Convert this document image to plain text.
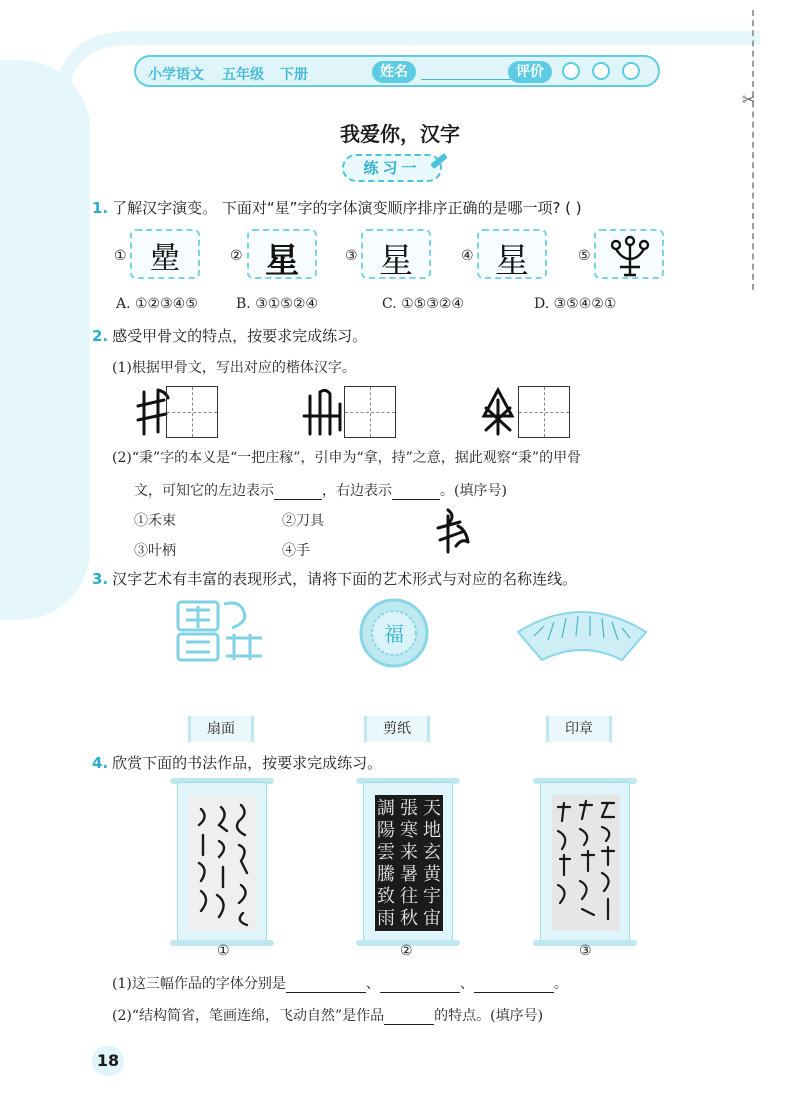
✂
小学语文 五年级 下册	姓名	评价
我爱你，汉字
练习一
1. 了解汉字演变。 下面对“星”字的字体演变顺序排序正确的是哪一项? ( )
① 曐	② 星	③ 星	④ 星	⑤
A. ①②③④⑤	B. ③①⑤②④	C. ①⑤③②④	D. ③⑤④②①
2. 感受甲骨文的特点，按要求完成练习。
(1)根据甲骨文，写出对应的楷体汉字。
(2)“秉”字的本义是“一把庄稼”，引申为“拿，持”之意，据此观察“秉”的甲骨
文，可知它的左边表示	，右边表示	。(填序号)
①禾束	②刀具
③叶柄	④手
3. 汉字艺术有丰富的表现形式，请将下面的艺术形式与对应的名称连线。
福
扇面	剪纸	印章
4. 欣赏下面的书法作品，按要求完成练习。
天地玄黄宇宙
張寒来暑往秋
調陽雲騰致雨
①	②	③
(1)这三幅作品的字体分别是	、	、	。
(2)“结构简省，笔画连绵，飞动自然”是作品	的特点。(填序号)
18
